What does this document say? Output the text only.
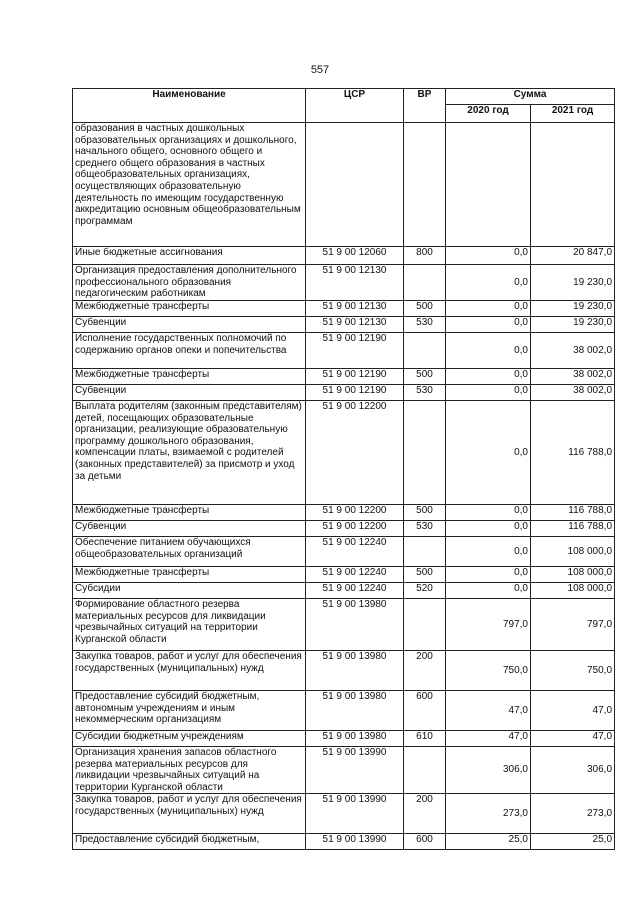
557
Наименование	ЦСР	ВР	Сумма	
			2020 год	2021 год
образования в частных дошкольных образовательных организациях и дошкольного, начального общего, основного общего и среднего общего образования в частных общеобразовательных организациях, осуществляющих образовательную деятельность по имеющим государственную аккредитацию основным общеобразовательным программам				
Иные бюджетные ассигнования	51 9 00 12060	800	0,0	20 847,0
Организация предоставления дополнительного профессионального образования педагогическим работникам	51 9 00 12130		0,0	19 230,0
Межбюджетные трансферты	51 9 00 12130	500	0,0	19 230,0
Субвенции	51 9 00 12130	530	0,0	19 230,0
Исполнение государственных полномочий по содержанию органов опеки и попечительства	51 9 00 12190		0,0	38 002,0
Межбюджетные трансферты	51 9 00 12190	500	0,0	38 002,0
Субвенции	51 9 00 12190	530	0,0	38 002,0
Выплата родителям (законным представителям) детей, посещающих образовательные организации, реализующие образовательную программу дошкольного образования, компенсации платы, взимаемой с родителей (законных представителей) за присмотр и уход за детьми	51 9 00 12200		0,0	116 788,0
Межбюджетные трансферты	51 9 00 12200	500	0,0	116 788,0
Субвенции	51 9 00 12200	530	0,0	116 788,0
Обеспечение питанием обучающихся общеобразовательных организаций	51 9 00 12240		0,0	108 000,0
Межбюджетные трансферты	51 9 00 12240	500	0,0	108 000,0
Субсидии	51 9 00 12240	520	0,0	108 000,0
Формирование областного резерва материальных ресурсов для ликвидации чрезвычайных ситуаций на территории Курганской области	51 9 00 13980		797,0	797,0
Закупка товаров, работ и услуг для обеспечения государственных (муниципальных) нужд	51 9 00 13980	200	750,0	750,0
Предоставление субсидий бюджетным, автономным учреждениям и иным некоммерческим организациям	51 9 00 13980	600	47,0	47,0
Субсидии бюджетным учреждениям	51 9 00 13980	610	47,0	47,0
Организация хранения запасов областного резерва материальных ресурсов для ликвидации чрезвычайных ситуаций на территории Курганской области	51 9 00 13990		306,0	306,0
Закупка товаров, работ и услуг для обеспечения государственных (муниципальных) нужд	51 9 00 13990	200	273,0	273,0
Предоставление субсидий бюджетным,	51 9 00 13990	600	25,0	25,0
